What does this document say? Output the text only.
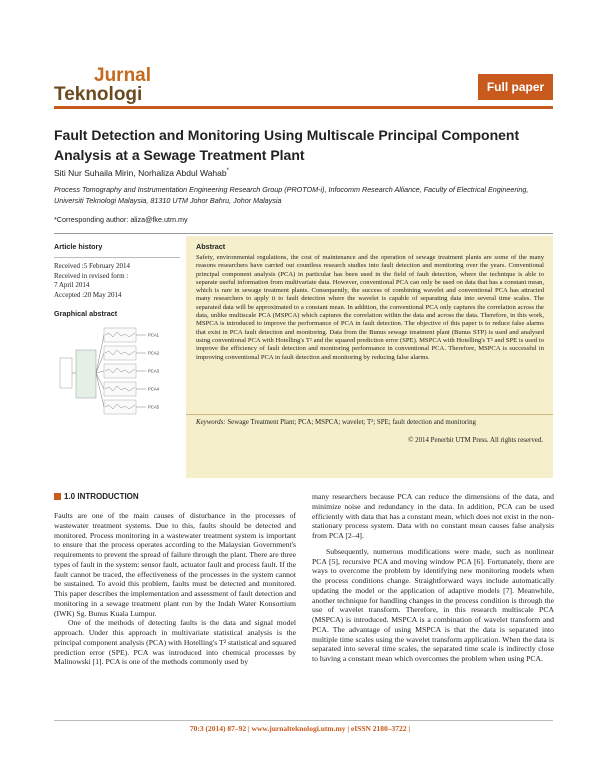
Jurnal
Teknologi	Full paper
Fault Detection and Monitoring Using Multiscale Principal Component Analysis at a Sewage Treatment Plant
Siti Nur Suhaila Mirin, Norhaliza Abdul Wahab*
Process Tomography and Instrumentation Engineering Research Group (PROTOM-i), Infocomm Research Alliance, Faculty of Electrical Engineering, Universiti Teknologi Malaysia, 81310 UTM Johor Bahru, Johor Malaysia
*Corresponding author: aliza@fke.utm.my
Article history
Received :5 February 2014
Received in revised form :
7 April 2014
Accepted :20 May 2014
Graphical abstract
PCA1
PCA2
PCA3
PCA4
PCA5
Abstract
Safety, environmental regulations, the cost of maintenance and the operation of sewage treatment plants are some of the many reasons researchers have carried out countless research studies into fault detection and monitoring over the years. Conventional principal component analysis (PCA) in particular has been used in the field of fault detection, where the technique is able to separate useful information from multivariate data. However, conventional PCA can only be used on data that has a constant mean, which is rare in sewage treatment plants. Consequently, the success of combining wavelet and conventional PCA has attracted many researchers to apply it to fault detection where the wavelet is capable of separating data into several time scales. The separated data will be approximated to a constant mean. In addition, the conventional PCA only captures the correlation across the data, unlike multiscale PCA (MSPCA) which captures the correlation within the data and across the data. Therefore, in this work, MSPCA is introduced to improve the performance of PCA in fault detection. The objective of this paper is to reduce false alarms that exist in PCA fault detection and monitoring. Data from the Bunus sewage treatment plant (Bunus STP) is used and analysed using conventional PCA with Hotelling's T² and the squared prediction error (SPE). MSPCA with Hotelling's T² and SPE is used to improve the efficiency of fault detection and monitoring performance in conventional PCA. Therefore, MSPCA is successful in improving conventional PCA in fault detection and monitoring by reducing false alarms.
Keywords: Sewage Treatment Plant; PCA; MSPCA; wavelet; T²; SPE; fault detection and monitoring
© 2014 Penerbit UTM Press. All rights reserved.
1.0 INTRODUCTION

Faults are one of the main causes of disturbance in the processes of wastewater treatment systems. Due to this, faults should be detected and monitored. Process monitoring in a wastewater treatment system is important to ensure that the process operates according to the Malaysian Government's requirements to prevent the spread of failure through the plant. There are three types of fault in the system: sensor fault, actuator fault and process fault. If the fault cannot be traced, the effectiveness of the processes in the system cannot be sustained. To avoid this problem, faults must be detected and monitored. This paper describes the implementation and assessment of fault detection and monitoring in a sewage treatment plant run by the Indah Water Konsortium (IWK) Sg. Bunus Kuala Lumpur.

One of the methods of detecting faults is the data and signal model approach. Under this approach in multivariate statistical analysis is the principal component analysis (PCA) with Hotelling's T² statistical and squared prediction error (SPE). PCA was introduced into chemical processes by Malinowski [1]. PCA is one of the methods commonly used by

many researchers because PCA can reduce the dimensions of the data, and minimize noise and redundancy in the data. In addition, PCA can be used efficiently with data that has a constant mean, which does not exist in the non-stationary process system. Data with no constant mean causes false analysis from PCA [2–4].

Subsequently, numerous modifications were made, such as nonlinear PCA [5], recursive PCA and moving window PCA [6]. Fortunately, there are ways to overcome the problem by identifying new monitoring models when the process conditions change. Straightforward ways include automatically updating the model or the application of adaptive models [7]. Meanwhile, another technique for handling changes in the process condition is through the use of wavelet transform. Therefore, in this research multiscale PCA (MSPCA) is introduced. MSPCA is a combination of wavelet transform and PCA. The advantage of using MSPCA is that the data is separated into multiple time scales using the wavelet transform application. When the data is separated into several time scales, the separated time scale is indirectly close to having a constant mean which overcomes the problem when using PCA.

70:3 (2014) 87–92 | www.jurnalteknologi.utm.my | eISSN 2180–3722 |
